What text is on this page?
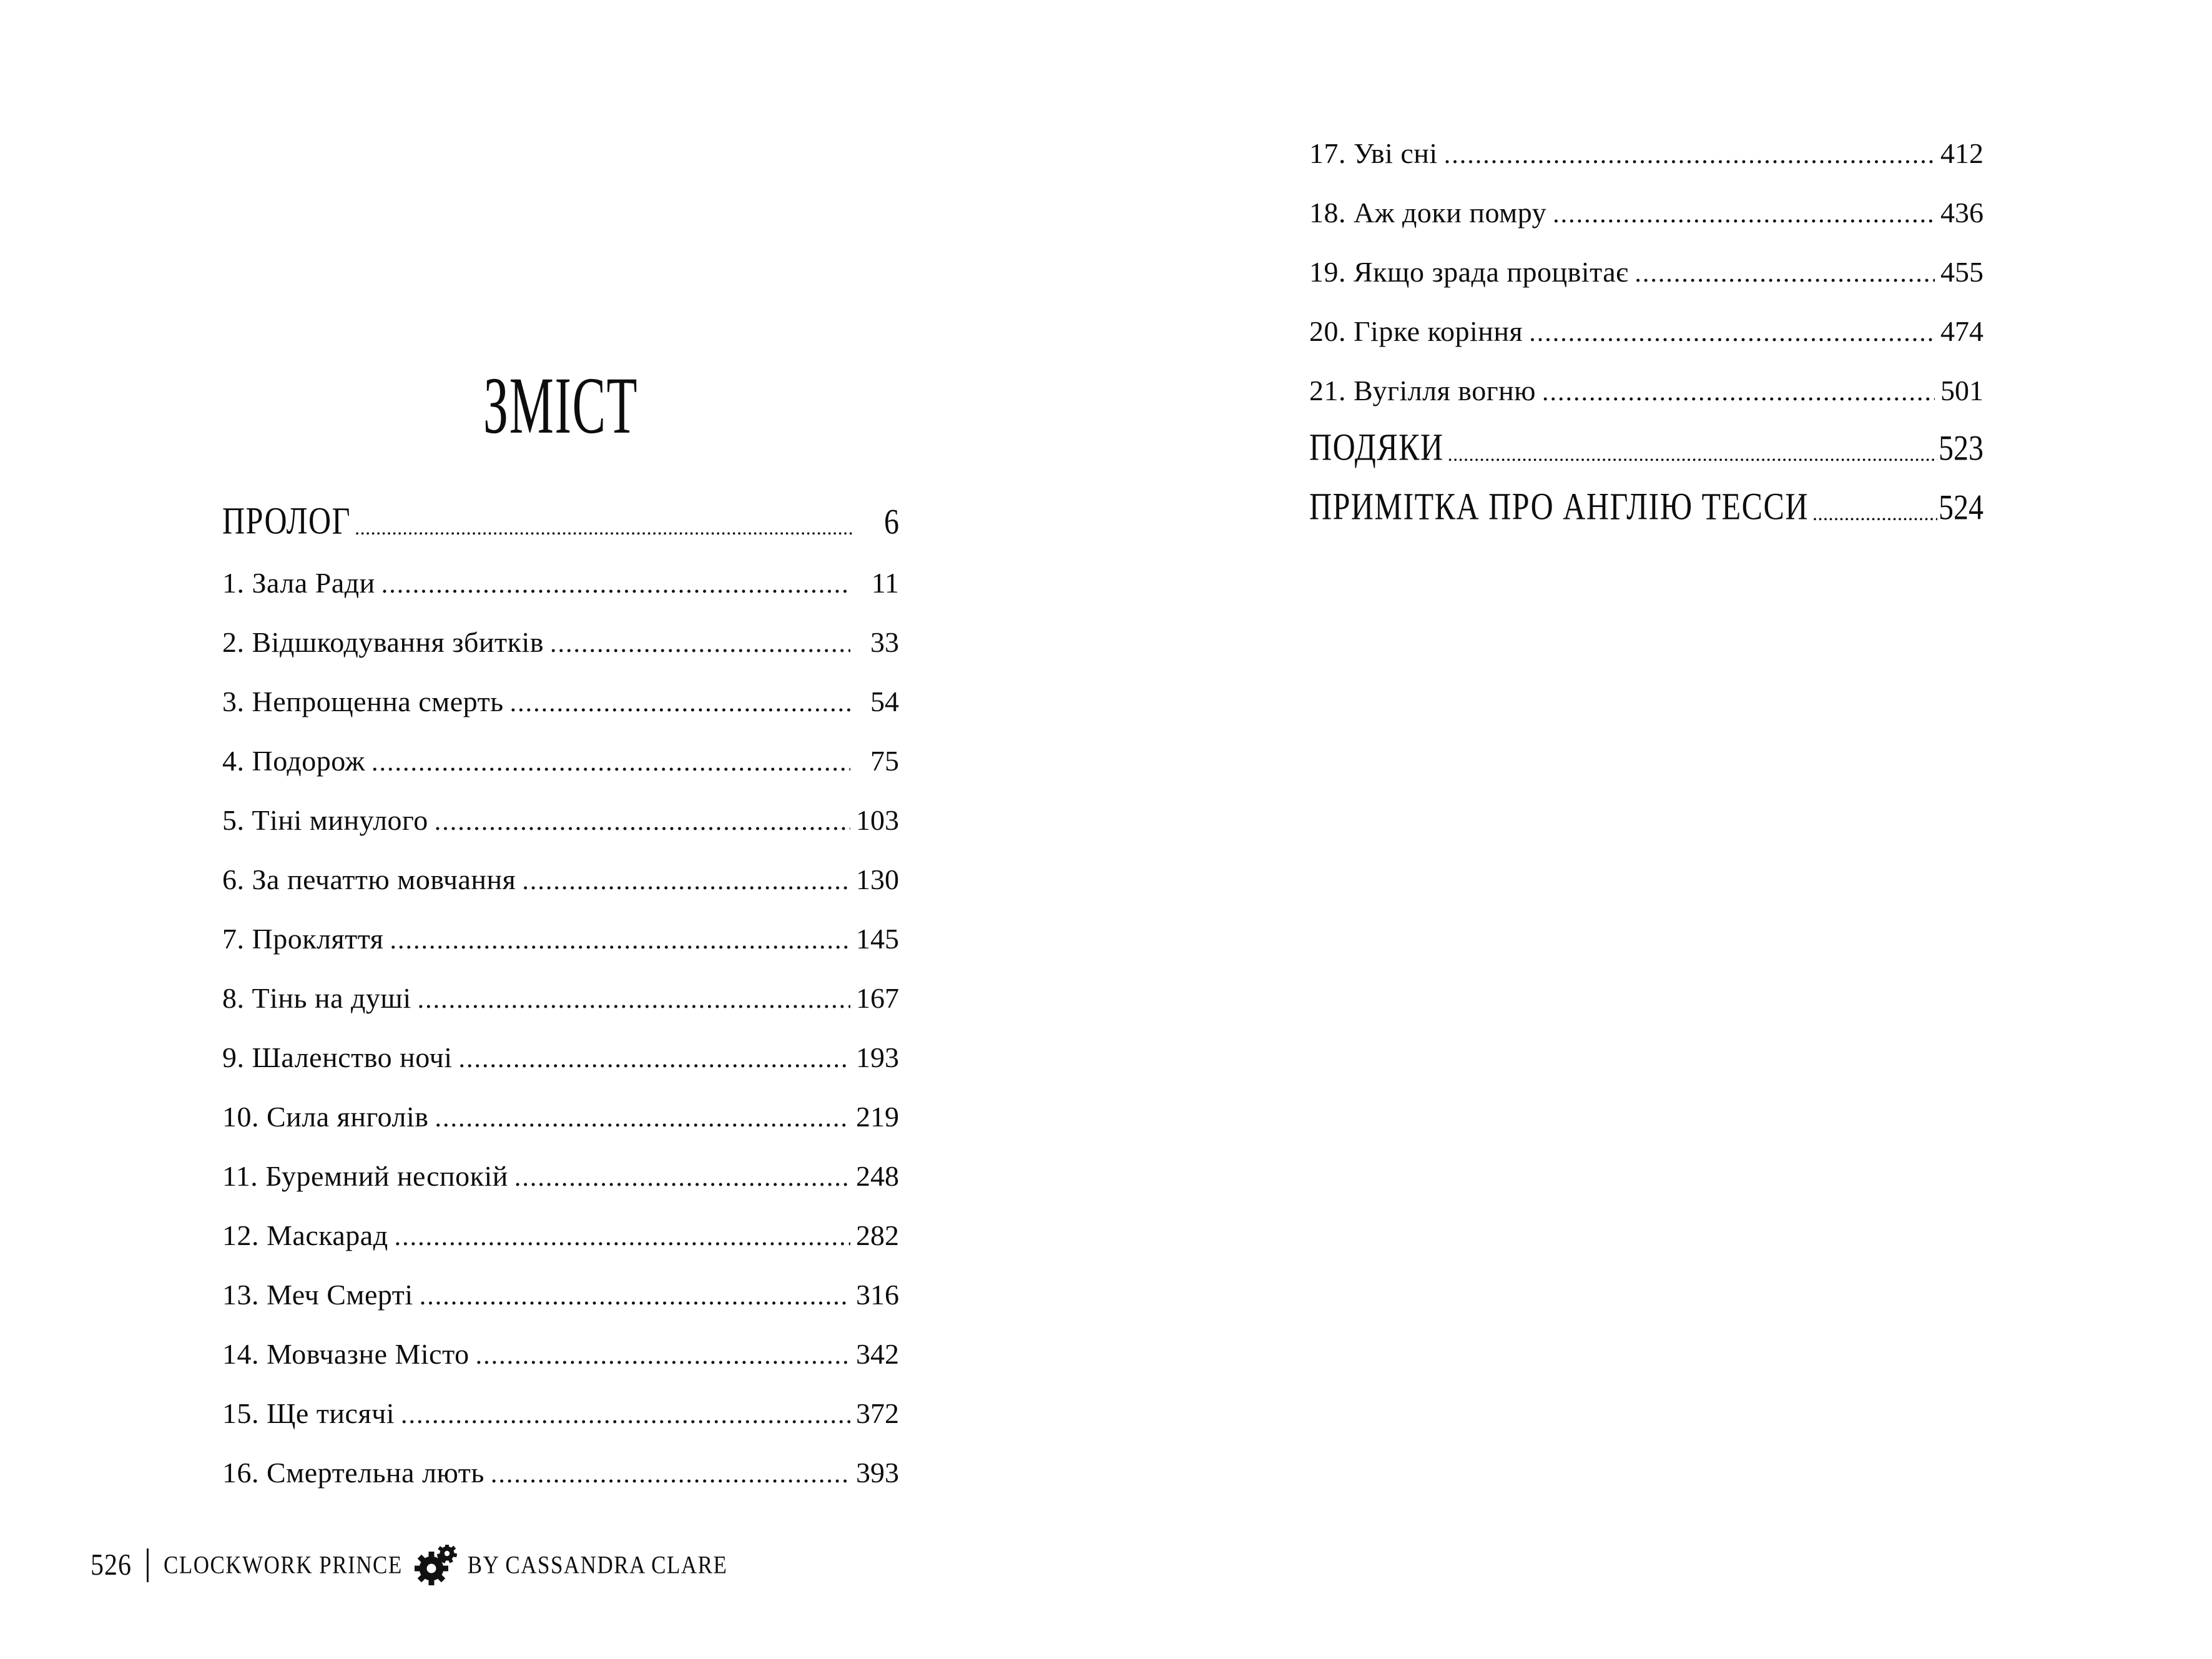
ЗМІСТ
ПРОЛОГ .....	6
1. Зала Ради .....	11
2. Відшкодування збитків .....	33
3. Непрощенна смерть .....	54
4. Подорож .....	75
5. Тіні минулого .....	103
6. За печаттю мовчання .....	130
7. Прокляття .....	145
8. Тінь на душі .....	167
9. Шаленство ночі .....	193
10. Сила янголів .....	219
11. Буремний неспокій .....	248
12. Маскарад .....	282
13. Меч Смерті .....	316
14. Мовчазне Місто .....	342
15. Ще тисячі .....	372
16. Смертельна лють .....	393
17. Уві сні .....	412
18. Аж доки помру .....	436
19. Якщо зрада процвітає .....	455
20. Гірке коріння .....	474
21. Вугілля вогню .....	501
ПОДЯКИ .....	523
ПРИМІТКА ПРО АНГЛІЮ ТЕССИ .....	524
526 CLOCKWORK PRINCE	BY CASSANDRA CLARE
